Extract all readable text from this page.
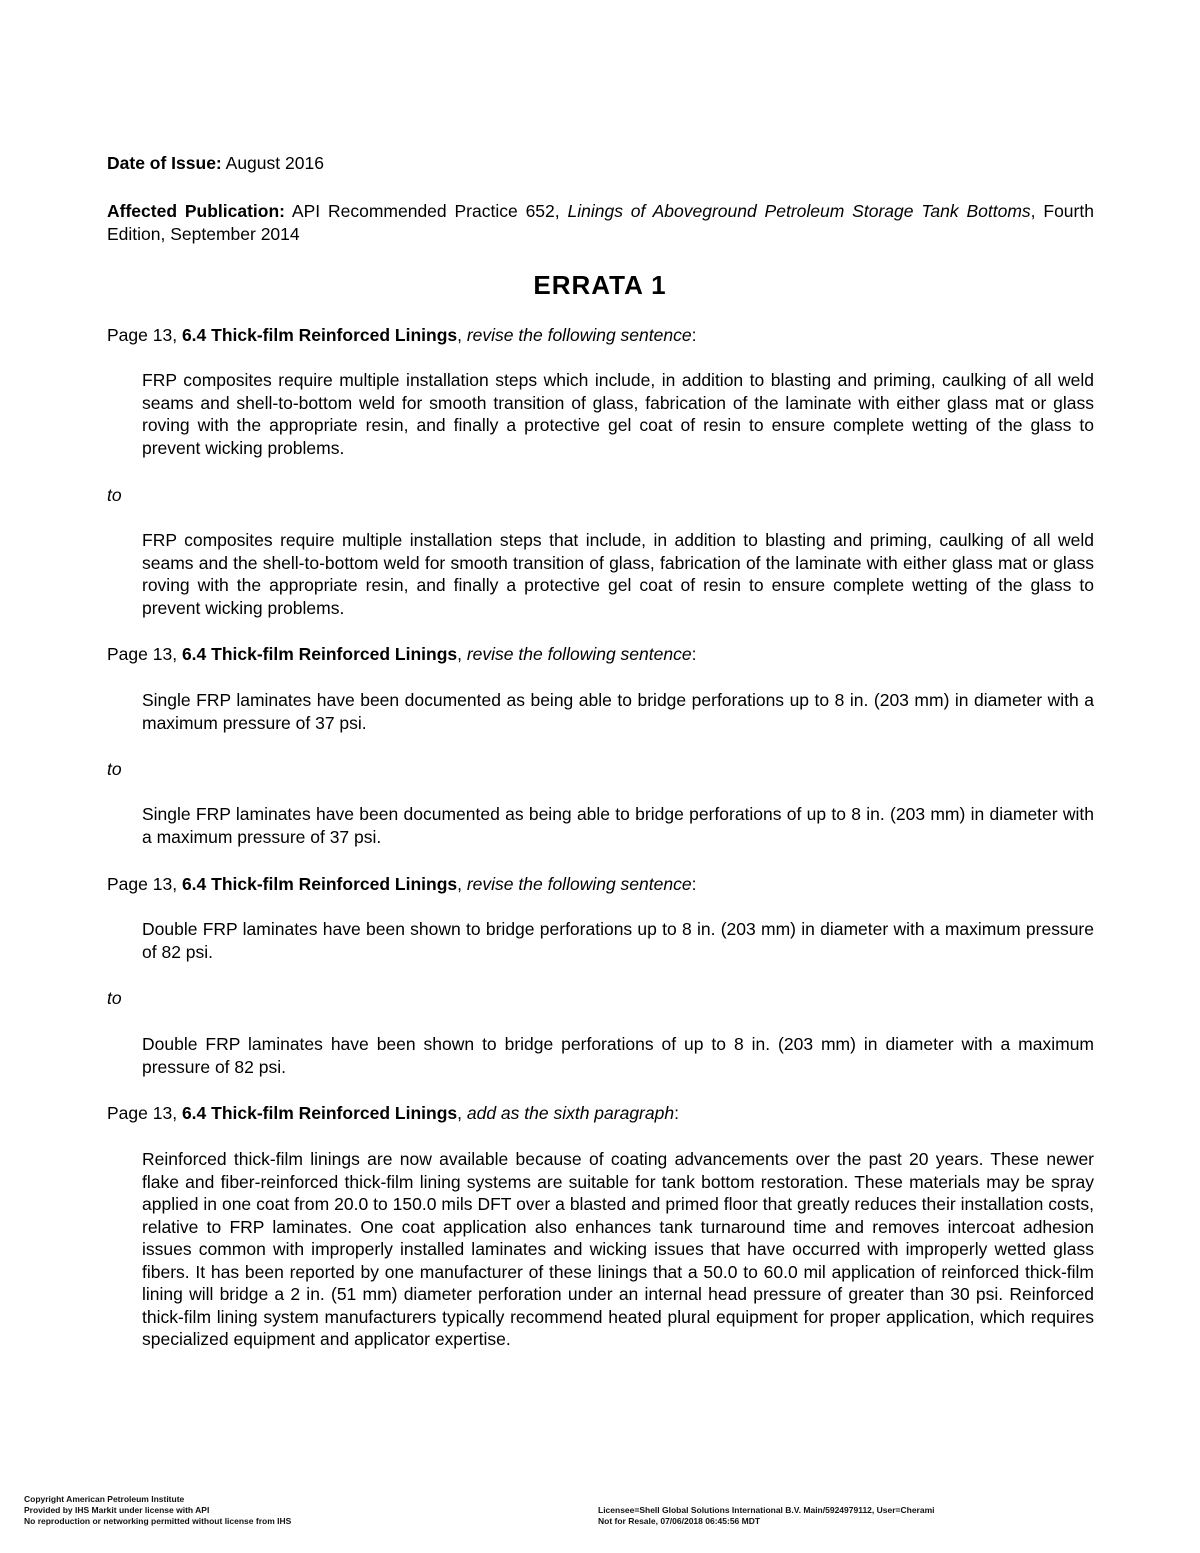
Date of Issue: August 2016

Affected Publication: API Recommended Practice 652, Linings of Aboveground Petroleum Storage Tank Bottoms, Fourth Edition, September 2014

ERRATA 1

Page 13, 6.4 Thick-film Reinforced Linings, revise the following sentence:

FRP composites require multiple installation steps which include, in addition to blasting and priming, caulking of all weld seams and shell-to-bottom weld for smooth transition of glass, fabrication of the laminate with either glass mat or glass roving with the appropriate resin, and finally a protective gel coat of resin to ensure complete wetting of the glass to prevent wicking problems.

to

FRP composites require multiple installation steps that include, in addition to blasting and priming, caulking of all weld seams and the shell-to-bottom weld for smooth transition of glass, fabrication of the laminate with either glass mat or glass roving with the appropriate resin, and finally a protective gel coat of resin to ensure complete wetting of the glass to prevent wicking problems.

Page 13, 6.4 Thick-film Reinforced Linings, revise the following sentence:

Single FRP laminates have been documented as being able to bridge perforations up to 8 in. (203 mm) in diameter with a maximum pressure of 37 psi.

to

Single FRP laminates have been documented as being able to bridge perforations of up to 8 in. (203 mm) in diameter with a maximum pressure of 37 psi.

Page 13, 6.4 Thick-film Reinforced Linings, revise the following sentence:

Double FRP laminates have been shown to bridge perforations up to 8 in. (203 mm) in diameter with a maximum pressure of 82 psi.

to

Double FRP laminates have been shown to bridge perforations of up to 8 in. (203 mm) in diameter with a maximum pressure of 82 psi.

Page 13, 6.4 Thick-film Reinforced Linings, add as the sixth paragraph:

Reinforced thick-film linings are now available because of coating advancements over the past 20 years. These newer flake and fiber-reinforced thick-film lining systems are suitable for tank bottom restoration. These materials may be spray applied in one coat from 20.0 to 150.0 mils DFT over a blasted and primed floor that greatly reduces their installation costs, relative to FRP laminates. One coat application also enhances tank turnaround time and removes intercoat adhesion issues common with improperly installed laminates and wicking issues that have occurred with improperly wetted glass fibers. It has been reported by one manufacturer of these linings that a 50.0 to 60.0 mil application of reinforced thick-film lining will bridge a 2 in. (51 mm) diameter perforation under an internal head pressure of greater than 30 psi. Reinforced thick-film lining system manufacturers typically recommend heated plural equipment for proper application, which requires specialized equipment and applicator expertise.

Copyright American Petroleum Institute
Provided by IHS Markit under license with API
No reproduction or networking permitted without license from IHS
Licensee=Shell Global Solutions International B.V. Main/5924979112, User=Cherami
Not for Resale, 07/06/2018 06:45:56 MDT
